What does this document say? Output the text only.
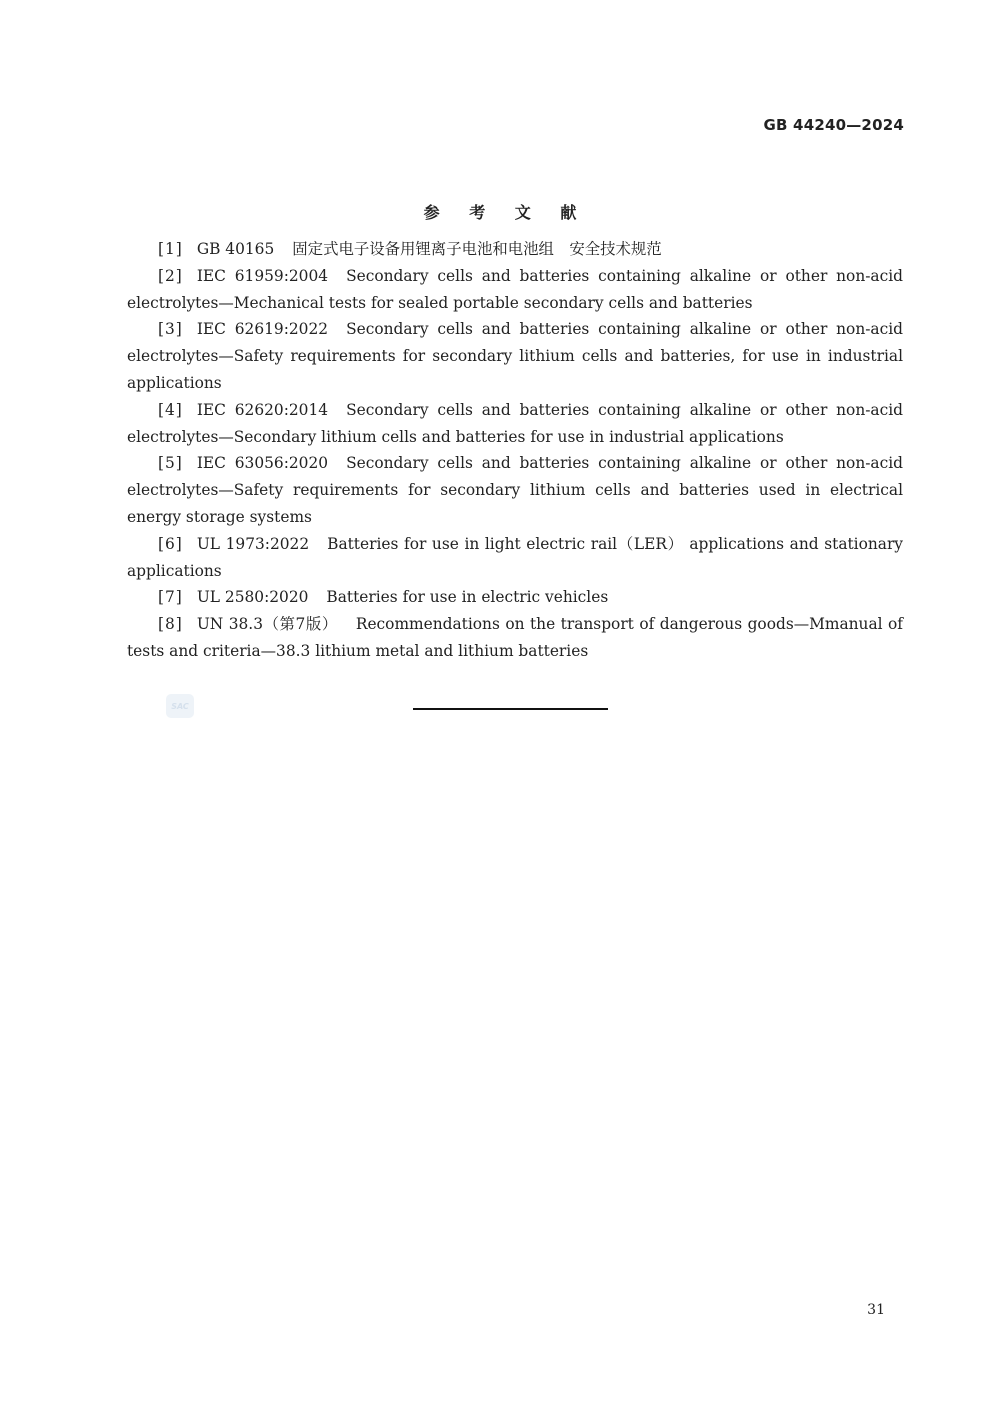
GB 44240—2024
参 考 文 献

[1] GB 40165 固定式电子设备用锂离子电池和电池组　安全技术规范

[2] IEC 61959:2004 Secondary cells and batteries containing alkaline or other non-acid electrolytes—Mechanical tests for sealed portable secondary cells and batteries

[3] IEC 62619:2022 Secondary cells and batteries containing alkaline or other non-acid electrolytes—Safety requirements for secondary lithium cells and batteries, for use in industrial applications

[4] IEC 62620:2014 Secondary cells and batteries containing alkaline or other non-acid electrolytes—Secondary lithium cells and batteries for use in industrial applications

[5] IEC 63056:2020 Secondary cells and batteries containing alkaline or other non-acid electrolytes—Safety requirements for secondary lithium cells and batteries used in electrical energy storage systems

[6] UL 1973:2022 Batteries for use in light electric rail（LER） applications and stationary applications

[7] UL 2580:2020 Batteries for use in electric vehicles

[8] UN 38.3（第7版） Recommendations on the transport of dangerous goods—Mmanual of tests and criteria—38.3 lithium metal and lithium batteries

SAC
31
